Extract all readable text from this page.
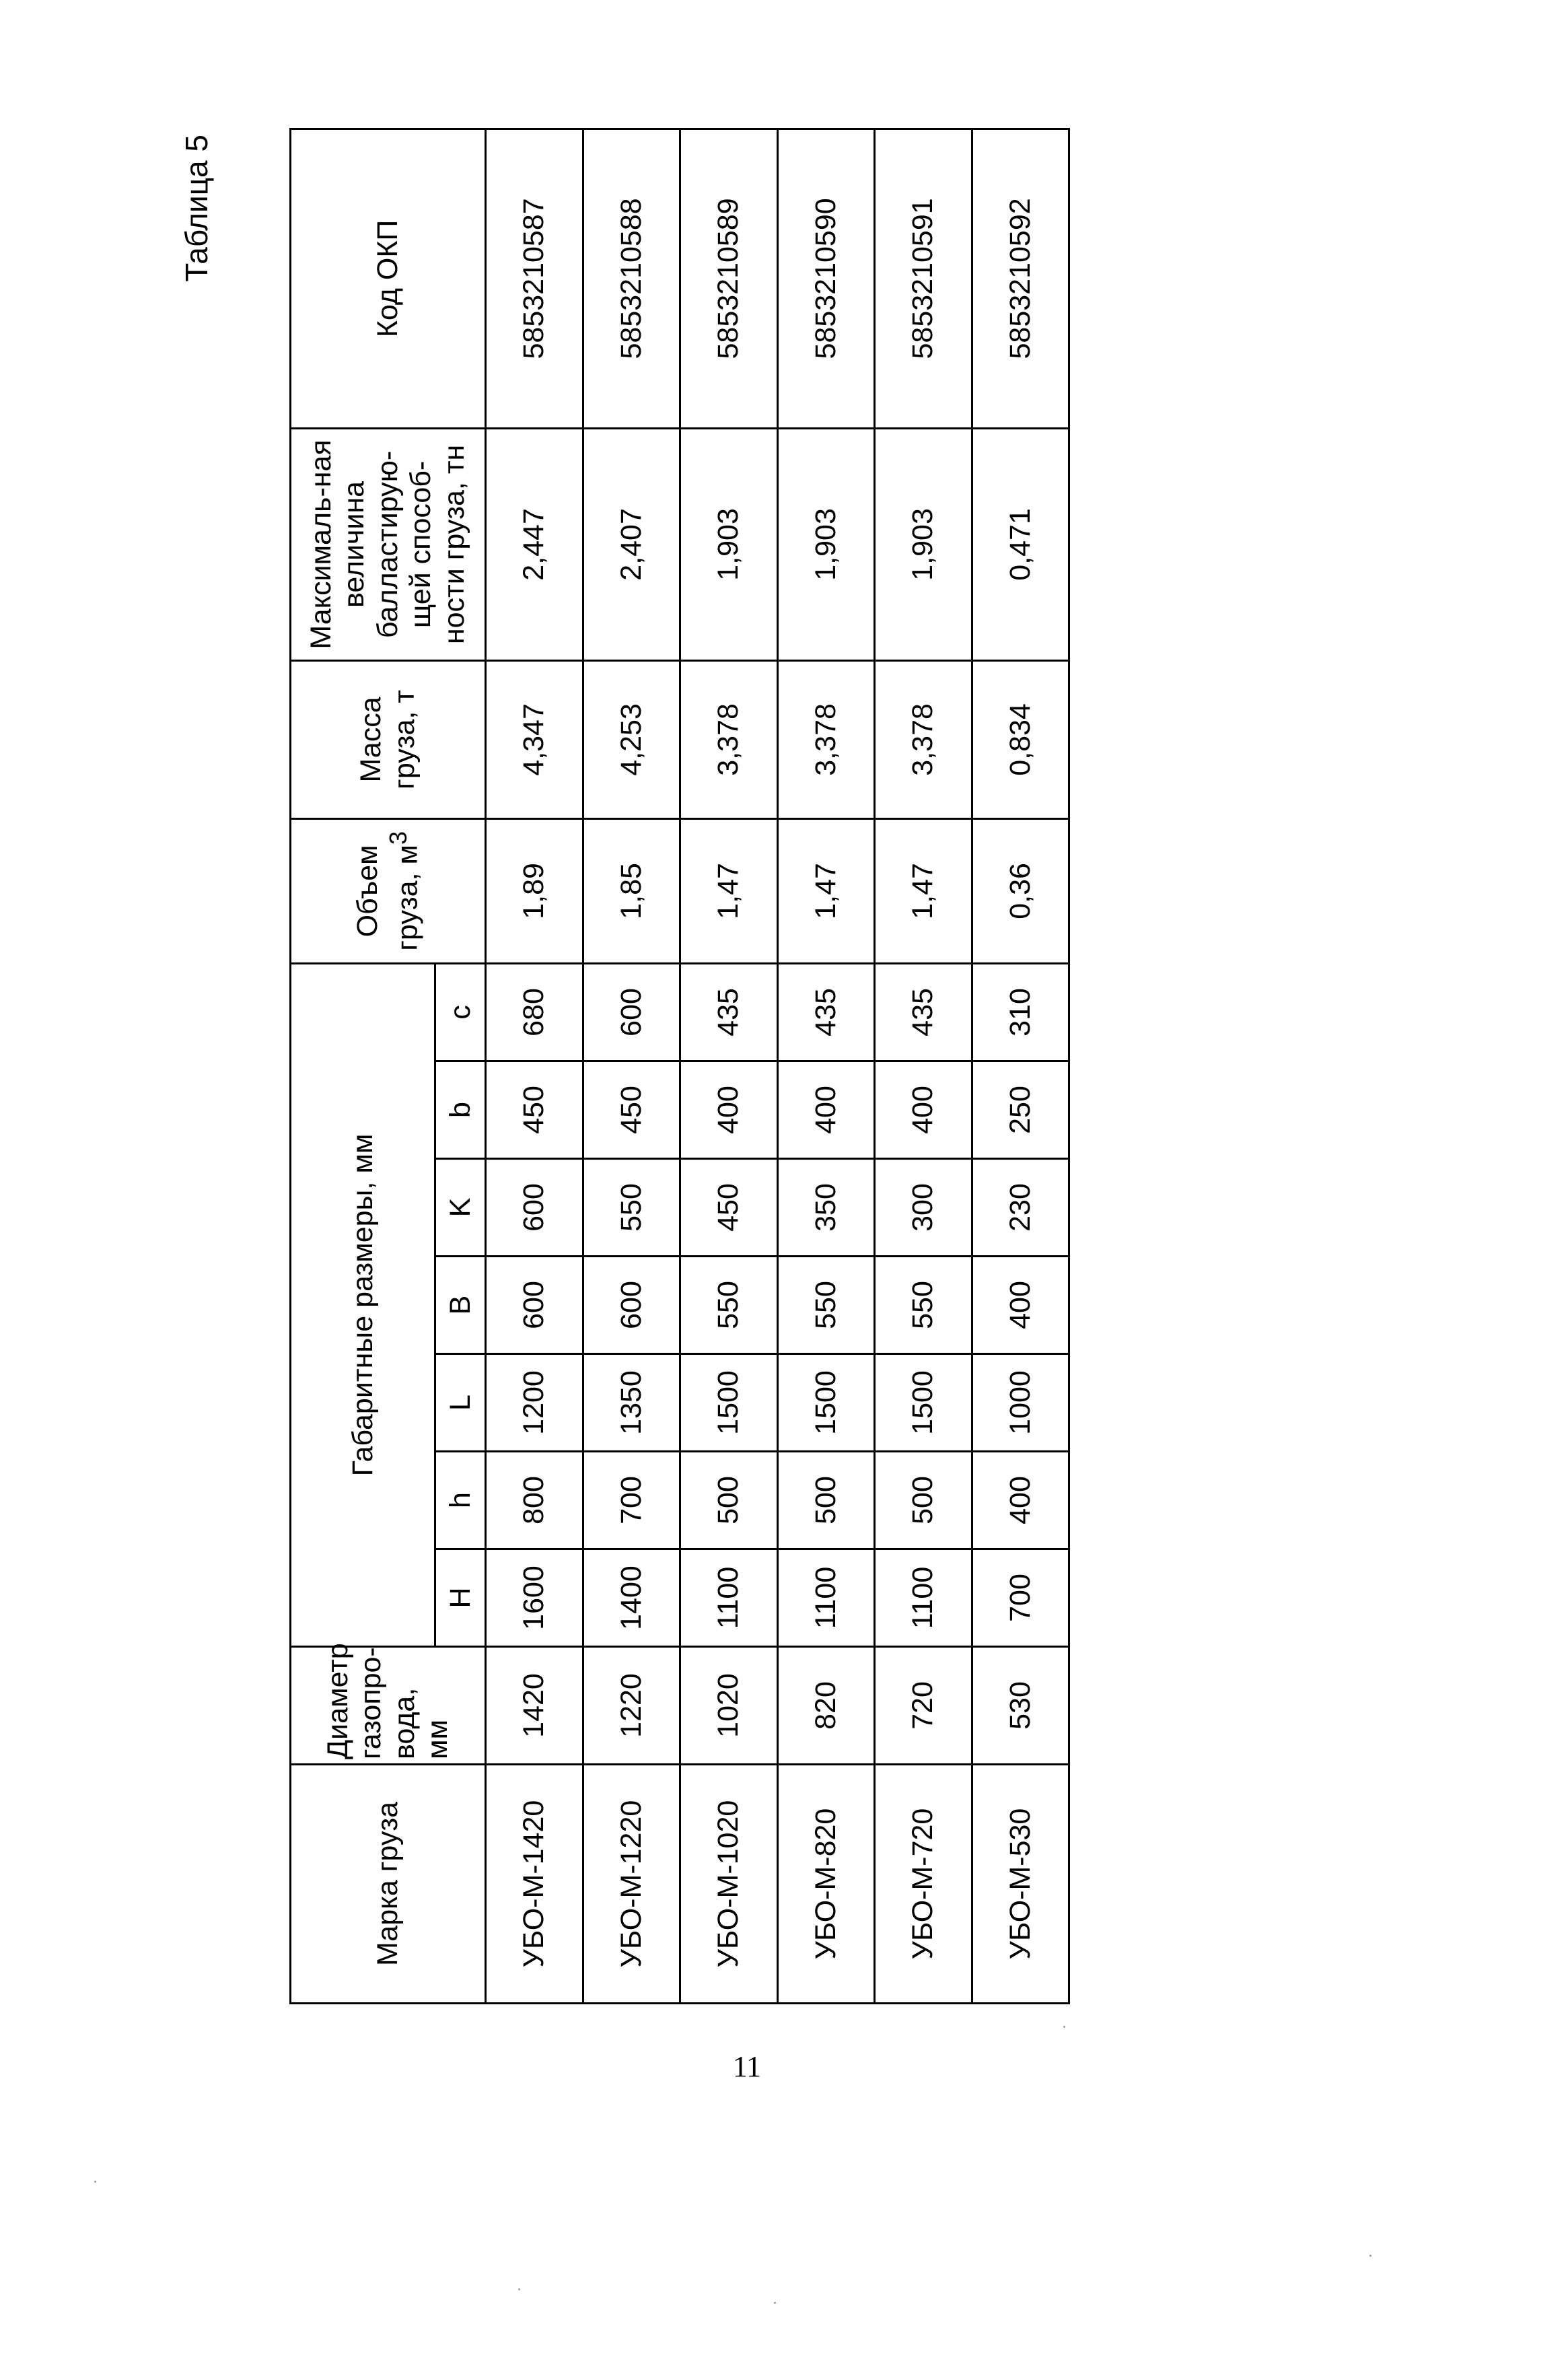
Таблица 5
Марка груза	Диаметр газопро-вода, мм	Габаритные размеры, мм							Объем груза, $м^3$	Масса груза, т	Максималь-ная величина балластирую-щей способ-ности груза, тн	Код ОКП
		H	h	L	B	K	b	c				
УБО-М-1420	1420	1600	800	1200	600	600	450	680	1,89	4,347	2,447	5853210587
УБО-М-1220	1220	1400	700	1350	600	550	450	600	1,85	4,253	2,407	5853210588
УБО-М-1020	1020	1100	500	1500	550	450	400	435	1,47	3,378	1,903	5853210589
УБО-М-820	820	1100	500	1500	550	350	400	435	1,47	3,378	1,903	5853210590
УБО-М-720	720	1100	500	1500	550	300	400	435	1,47	3,378	1,903	5853210591
УБО-М-530	530	700	400	1000	400	230	250	310	0,36	0,834	0,471	5853210592
11
